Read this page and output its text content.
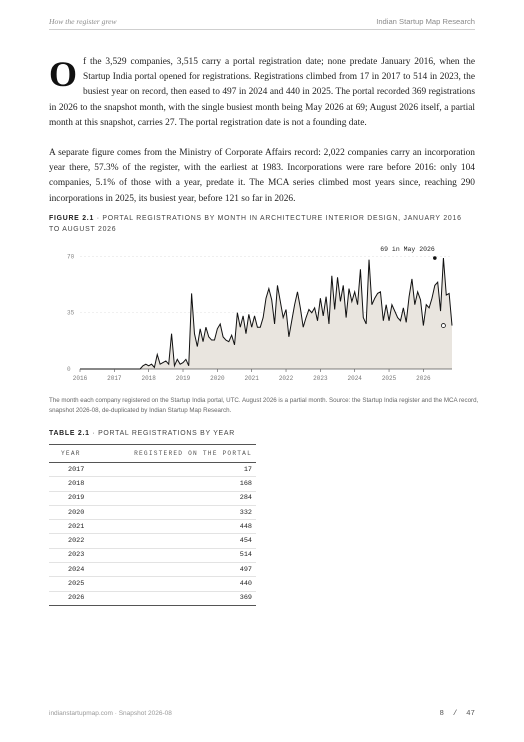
How the register grew	Indian Startup Map Research
Of the 3,529 companies, 3,515 carry a portal registration date; none predate January 2016, when the Startup India portal opened for registrations. Registrations climbed from 17 in 2017 to 514 in 2023, the busiest year on record, then eased to 497 in 2024 and 440 in 2025. The portal recorded 369 registrations in 2026 to the snapshot month, with the single busiest month being May 2026 at 69; August 2026 itself, a partial month at this snapshot, carries 27. The portal registration date is not a founding date.
A separate figure comes from the Ministry of Corporate Affairs record: 2,022 companies carry an incorporation year there, 57.3% of the register, with the earliest at 1983. Incorporations were rare before 2016: only 104 companies, 5.1% of those with a year, predate it. The MCA series climbed most years since, reaching 290 incorporations in 2025, its busiest year, before 121 so far in 2026.
FIGURE 2.1 · PORTAL REGISTRATIONS BY MONTH IN ARCHITECTURE INTERIOR DESIGN, JANUARY 2016 TO AUGUST 2026
0
35
70
2016	2017	2018	2019	2020	2021	2022	2023	2024	2025	2026
69 in May 2026
The month each company registered on the Startup India portal, UTC. August 2026 is a partial month. Source: the Startup India register and the MCA record, snapshot 2026-08, de-duplicated by Indian Startup Map Research.
TABLE 2.1 · PORTAL REGISTRATIONS BY YEAR
YEAR	REGISTERED ON THE PORTAL
2017	17
2018	168
2019	284
2020	332
2021	448
2022	454
2023	514
2024	497
2025	440
2026	369
indianstartupmap.com · Snapshot 2026-08	8 / 47
